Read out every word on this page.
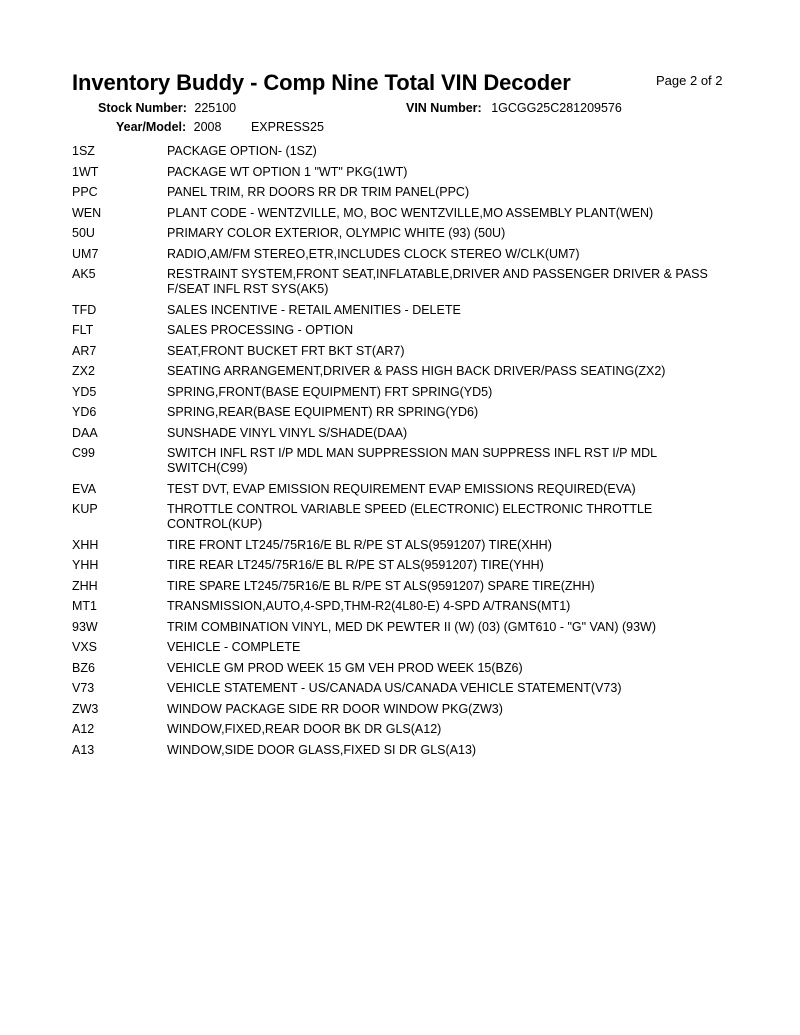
Inventory Buddy - Comp Nine Total VIN Decoder	Page 2 of 2
Stock Number: 225100	VIN Number: 1GCGG25C281209576
Year/Model: 2008 EXPRESS25
1SZ	PACKAGE OPTION- (1SZ)
1WT	PACKAGE WT OPTION 1 "WT" PKG(1WT)
PPC	PANEL TRIM, RR DOORS RR DR TRIM PANEL(PPC)
WEN	PLANT CODE - WENTZVILLE, MO, BOC WENTZVILLE,MO ASSEMBLY PLANT(WEN)
50U	PRIMARY COLOR EXTERIOR, OLYMPIC WHITE (93) (50U)
UM7	RADIO,AM/FM STEREO,ETR,INCLUDES CLOCK STEREO W/CLK(UM7)
AK5	RESTRAINT SYSTEM,FRONT SEAT,INFLATABLE,DRIVER AND PASSENGER DRIVER & PASS F/SEAT INFL RST SYS(AK5)
TFD	SALES INCENTIVE - RETAIL AMENITIES - DELETE
FLT	SALES PROCESSING - OPTION
AR7	SEAT,FRONT BUCKET FRT BKT ST(AR7)
ZX2	SEATING ARRANGEMENT,DRIVER & PASS HIGH BACK DRIVER/PASS SEATING(ZX2)
YD5	SPRING,FRONT(BASE EQUIPMENT) FRT SPRING(YD5)
YD6	SPRING,REAR(BASE EQUIPMENT) RR SPRING(YD6)
DAA	SUNSHADE VINYL VINYL S/SHADE(DAA)
C99	SWITCH INFL RST I/P MDL MAN SUPPRESSION MAN SUPPRESS INFL RST I/P MDL SWITCH(C99)
EVA	TEST DVT, EVAP EMISSION REQUIREMENT EVAP EMISSIONS REQUIRED(EVA)
KUP	THROTTLE CONTROL VARIABLE SPEED (ELECTRONIC) ELECTRONIC THROTTLE CONTROL(KUP)
XHH	TIRE FRONT LT245/75R16/E BL R/PE ST ALS(9591207) TIRE(XHH)
YHH	TIRE REAR LT245/75R16/E BL R/PE ST ALS(9591207) TIRE(YHH)
ZHH	TIRE SPARE LT245/75R16/E BL R/PE ST ALS(9591207) SPARE TIRE(ZHH)
MT1	TRANSMISSION,AUTO,4-SPD,THM-R2(4L80-E) 4-SPD A/TRANS(MT1)
93W	TRIM COMBINATION VINYL, MED DK PEWTER II (W) (03) (GMT610 - "G" VAN) (93W)
VXS	VEHICLE - COMPLETE
BZ6	VEHICLE GM PROD WEEK 15 GM VEH PROD WEEK 15(BZ6)
V73	VEHICLE STATEMENT - US/CANADA US/CANADA VEHICLE STATEMENT(V73)
ZW3	WINDOW PACKAGE SIDE RR DOOR WINDOW PKG(ZW3)
A12	WINDOW,FIXED,REAR DOOR BK DR GLS(A12)
A13	WINDOW,SIDE DOOR GLASS,FIXED SI DR GLS(A13)
